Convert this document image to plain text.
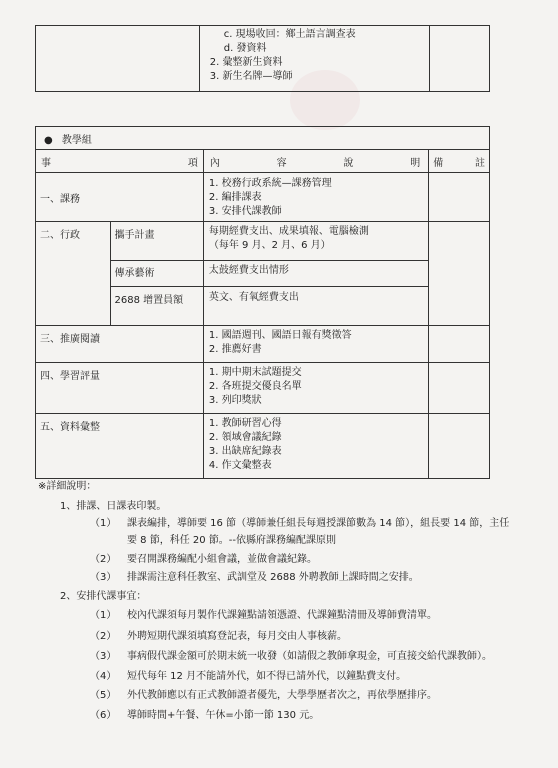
c. 現場收回：鄉土語言調查表
d. 發資料
2. 彙整新生資料
3. 新生名牌—導師

● 教學組			

事 項		內 容 說 明	備 註

一、課務		1. 校務行政系統—課務管理
2. 編排課表
3. 安排代課教師	

二、行政	攜手計畫	每期經費支出、成果填報、電腦檢測
（每年 9 月、2 月、6 月）	

	傳承藝術	太鼓經費支出情形	

	2688 增置員額	英文、有氧經費支出	

三、推廣閱讀		1. 國語週刊、國語日報有獎徵答
2. 推薦好書	

四、學習評量		1. 期中期末試題提交
2. 各班提交優良名單
3. 列印獎狀	

五、資料彙整		1. 教師研習心得
2. 領域會議紀錄
3. 出缺席紀錄表
4. 作文彙整表	

※詳細說明：
1、排課、日課表印製。
（1） 課表編排，導師要 16 節（導師兼任組長每週授課節數為 14 節），組長要 14 節，主任
要 8 節，科任 20 節。--依縣府課務編配課原則
（2） 要召開課務編配小組會議，並做會議紀錄。
（3） 排課需注意科任教室、武訓堂及 2688 外聘教師上課時間之安排。
2、安排代課事宜：
（1） 校內代課須每月製作代課鐘點請領憑證、代課鐘點清冊及導師費清單。
（2） 外聘短期代課須填寫登記表，每月交由人事核薪。
（3） 事病假代課金額可於期末統一收發（如請假之教師拿現金，可直接交給代課教師）。
（4） 短代每年 12 月不能請外代，如不得已請外代，以鐘點費支付。
（5） 外代教師應以有正式教師證者優先，大學學歷者次之，再依學歷排序。
（6） 導師時間+午餐、午休=小節一節 130 元。
